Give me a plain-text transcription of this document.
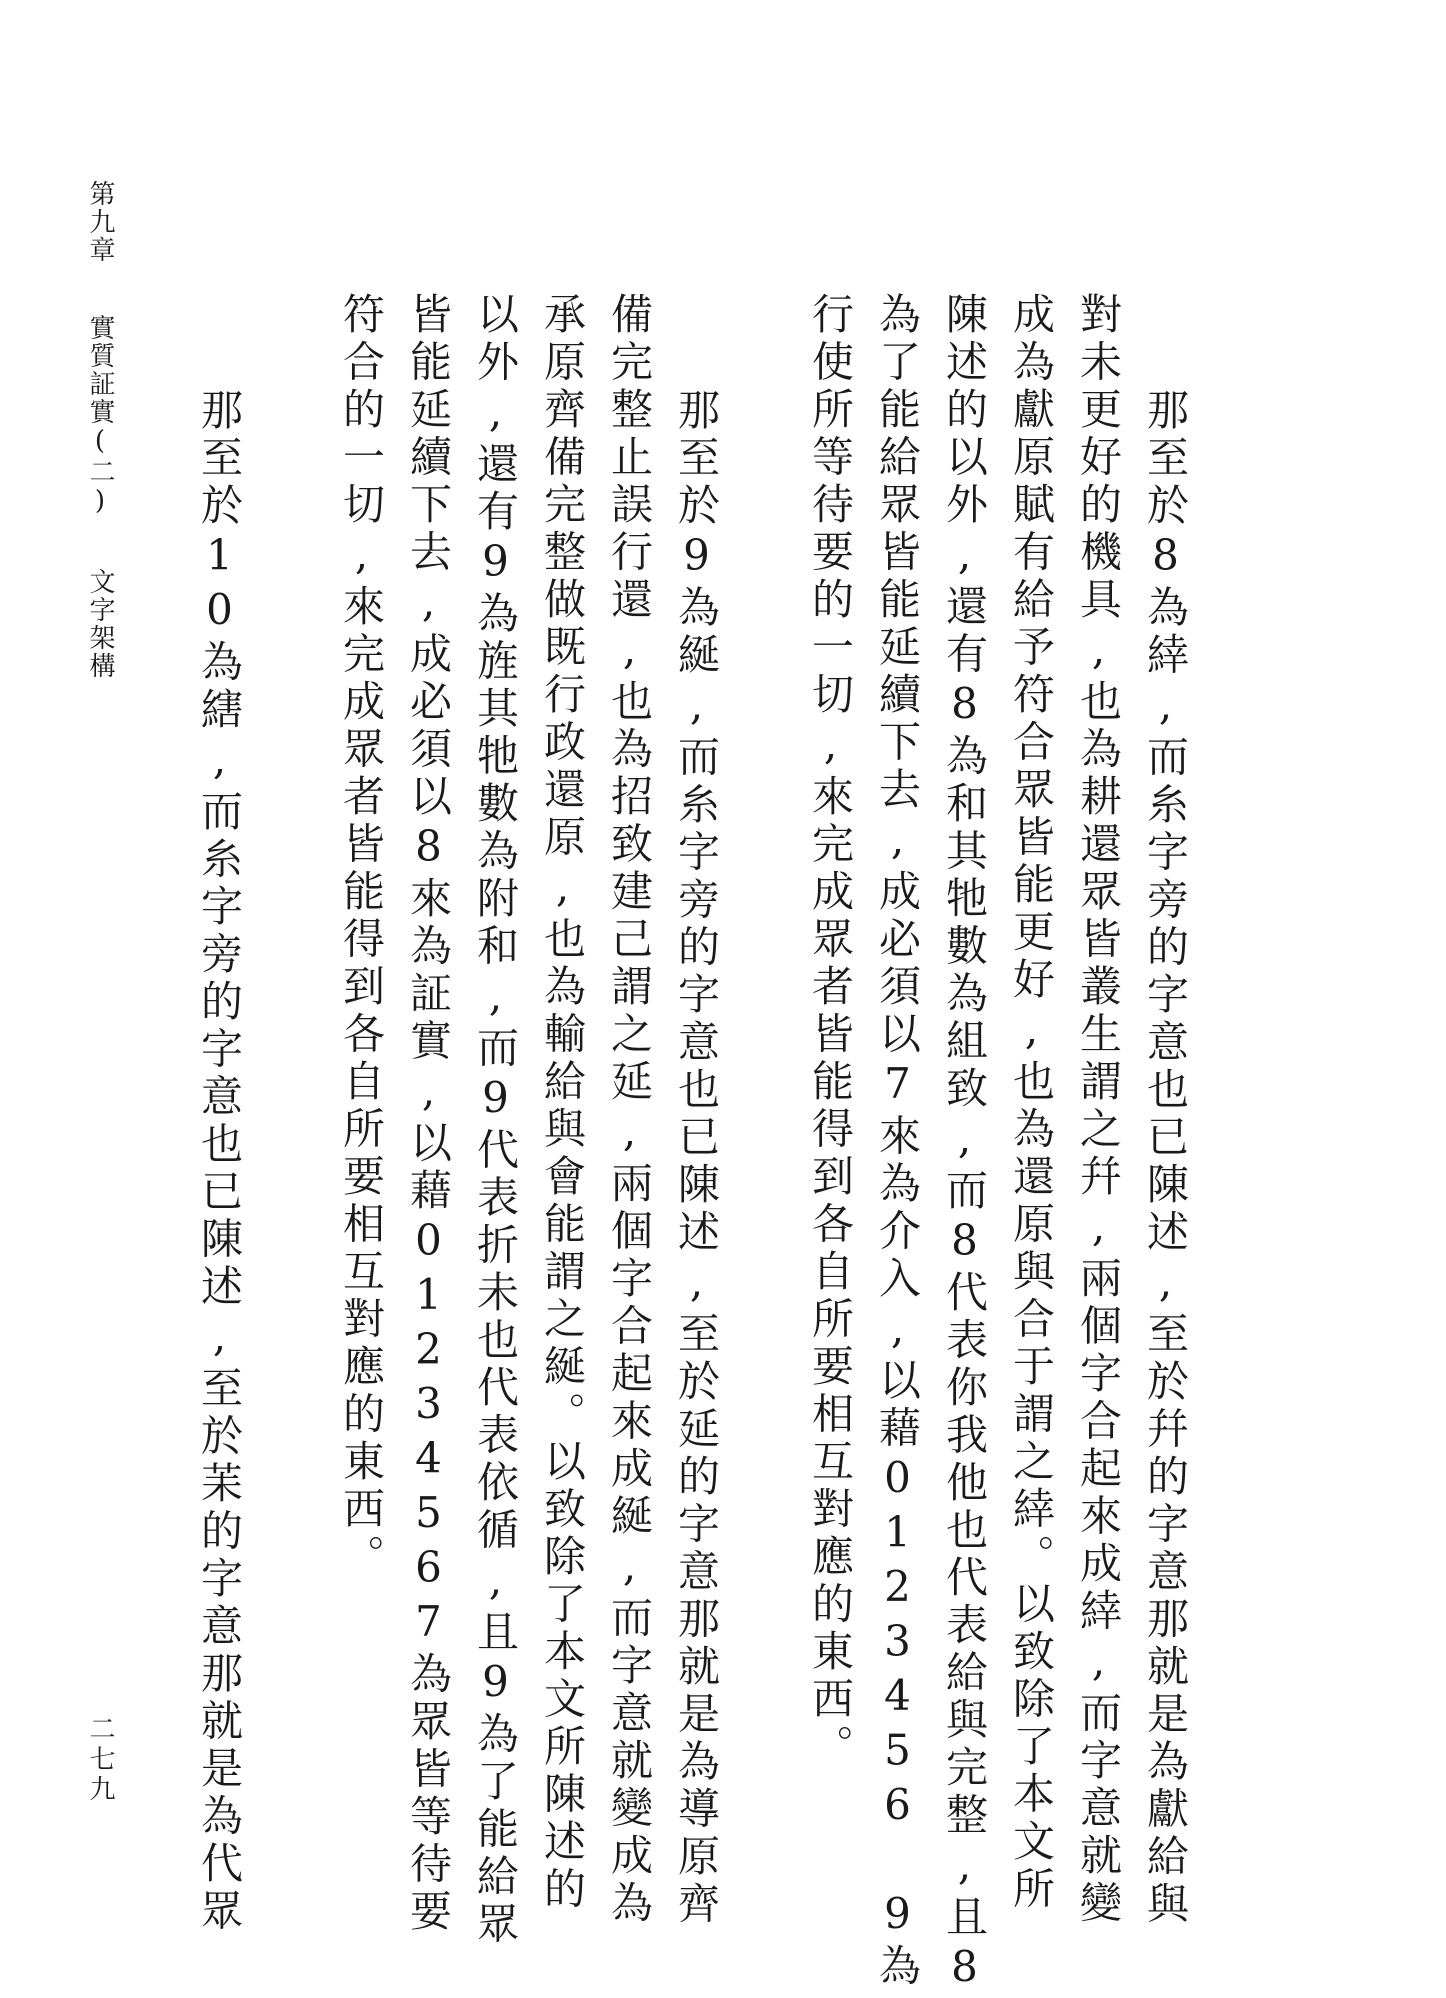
那至於8為緈,而糸字旁的字意也已陳述,至於幷的字意那就是為獻給與
對未更好的機具,也為耕還眾皆叢生謂之幷,兩個字合起來成緈,而字意就變
成為獻原賦有給予符合眾皆能更好,也為還原與合于謂之緈。以致除了本文所
陳述的以外,還有8為和其牠數為組致,而8代表你我他也代表給與完整,且8
為了能給眾皆能延續下去,成必須以7來為介入,以藉0123456 9為
行使所等待要的一切,來完成眾者皆能得到各自所要相互對應的東西。
那至於9為綖,而糸字旁的字意也已陳述,至於延的字意那就是為導原齊
備完整止誤行還,也為招致建己謂之延,兩個字合起來成綖,而字意就變成為
承原齊備完整做既行政還原,也為輸給與會能謂之綖。以致除了本文所陳述的
以外,還有9為旌其牠數為附和,而9代表折未也代表依循,且9為了能給眾
皆能延續下去,成必須以8來為証實,以藉01234567為眾皆等待要
符合的一切,來完成眾者皆能得到各自所要相互對應的東西。
那至於10為縖,而糸字旁的字意也已陳述,至於苿的字意那就是為代眾
第九章實質証實(二)文字架構
二七九
